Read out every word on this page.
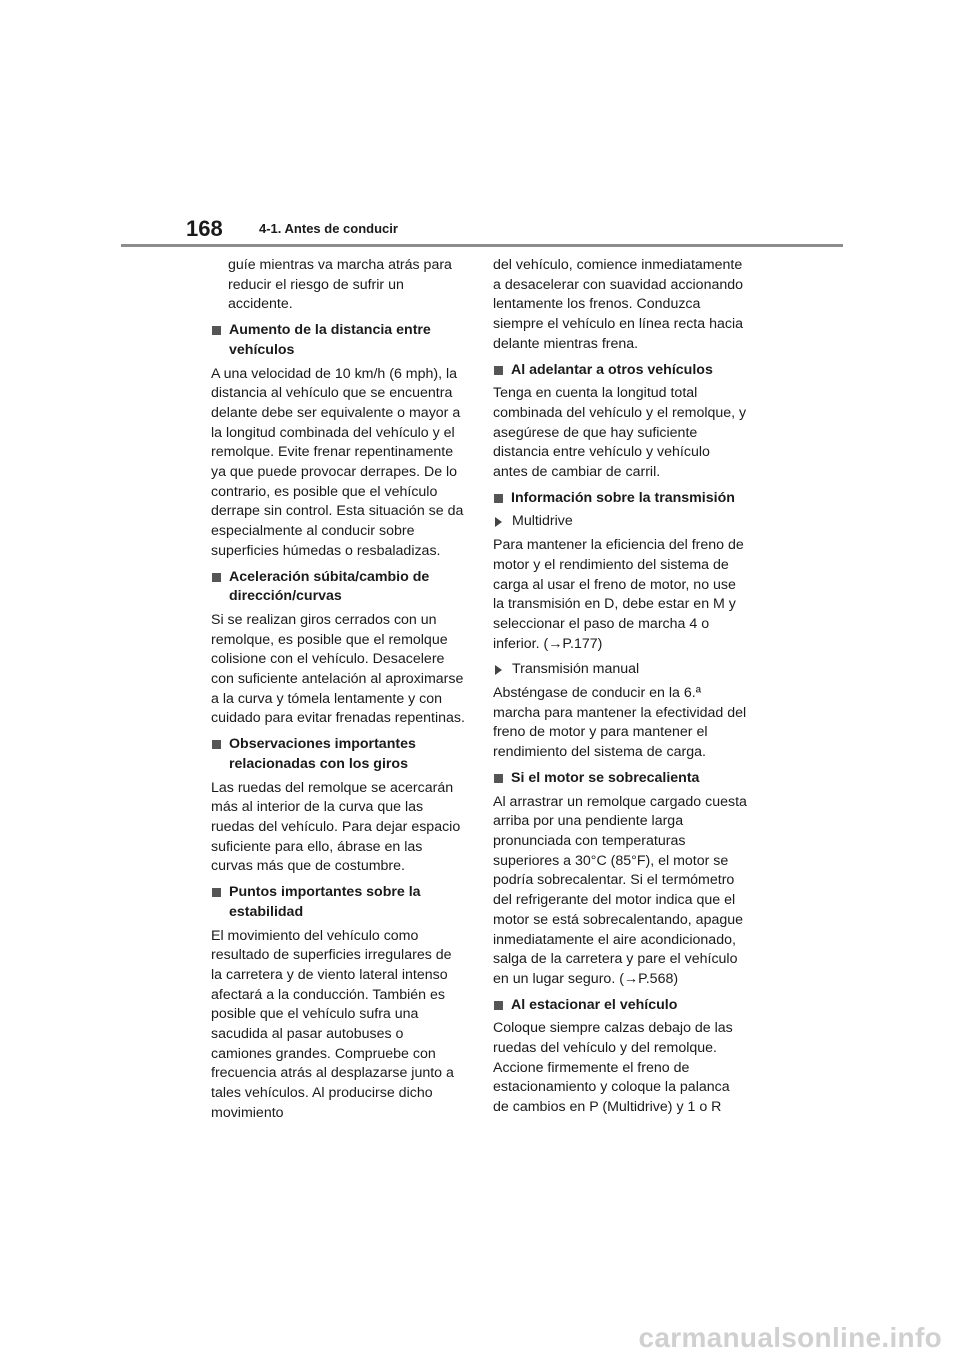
168	4-1. Antes de conducir

guíe mientras va marcha atrás para reducir el riesgo de sufrir un accidente.

Aumento de la distancia entre vehículos

A una velocidad de 10 km/h (6 mph), la distancia al vehículo que se encuentra delante debe ser equivalente o mayor a la longitud combinada del vehículo y el remolque. Evite frenar repentinamente ya que puede provocar derrapes. De lo contrario, es posible que el vehículo derrape sin control. Esta situación se da especialmente al conducir sobre superficies húmedas o resbaladizas.

Aceleración súbita/cambio de dirección/curvas

Si se realizan giros cerrados con un remolque, es posible que el remolque colisione con el vehículo. Desacelere con suficiente antelación al aproximarse a la curva y tómela lentamente y con cuidado para evitar frenadas repentinas.

Observaciones importantes relacionadas con los giros

Las ruedas del remolque se acercarán más al interior de la curva que las ruedas del vehículo. Para dejar espacio suficiente para ello, ábrase en las curvas más que de costumbre.

Puntos importantes sobre la estabilidad

El movimiento del vehículo como resultado de superficies irregulares de la carretera y de viento lateral intenso afectará a la conducción. También es posible que el vehículo sufra una sacudida al pasar autobuses o camiones grandes. Compruebe con frecuencia atrás al desplazarse junto a tales vehículos. Al producirse dicho movimiento

del vehículo, comience inmediatamente a desacelerar con suavidad accionando lentamente los frenos. Conduzca siempre el vehículo en línea recta hacia delante mientras frena.

Al adelantar a otros vehículos

Tenga en cuenta la longitud total combinada del vehículo y el remolque, y asegúrese de que hay suficiente distancia entre vehículo y vehículo antes de cambiar de carril.

Información sobre la transmisión
Multidrive

Para mantener la eficiencia del freno de motor y el rendimiento del sistema de carga al usar el freno de motor, no use la transmisión en D, debe estar en M y seleccionar el paso de marcha 4 o inferior. (→P.177)

Transmisión manual

Absténgase de conducir en la 6.ª marcha para mantener la efectividad del freno de motor y para mantener el rendimiento del sistema de carga.

Si el motor se sobrecalienta

Al arrastrar un remolque cargado cuesta arriba por una pendiente larga pronunciada con temperaturas superiores a 30°C (85°F), el motor se podría sobrecalentar. Si el termómetro del refrigerante del motor indica que el motor se está sobrecalentando, apague inmediatamente el aire acondicionado, salga de la carretera y pare el vehículo en un lugar seguro. (→P.568)

Al estacionar el vehículo

Coloque siempre calzas debajo de las ruedas del vehículo y del remolque. Accione firmemente el freno de estacionamiento y coloque la palanca de cambios en P (Multidrive) y 1 o R

carmanualsonline.info
